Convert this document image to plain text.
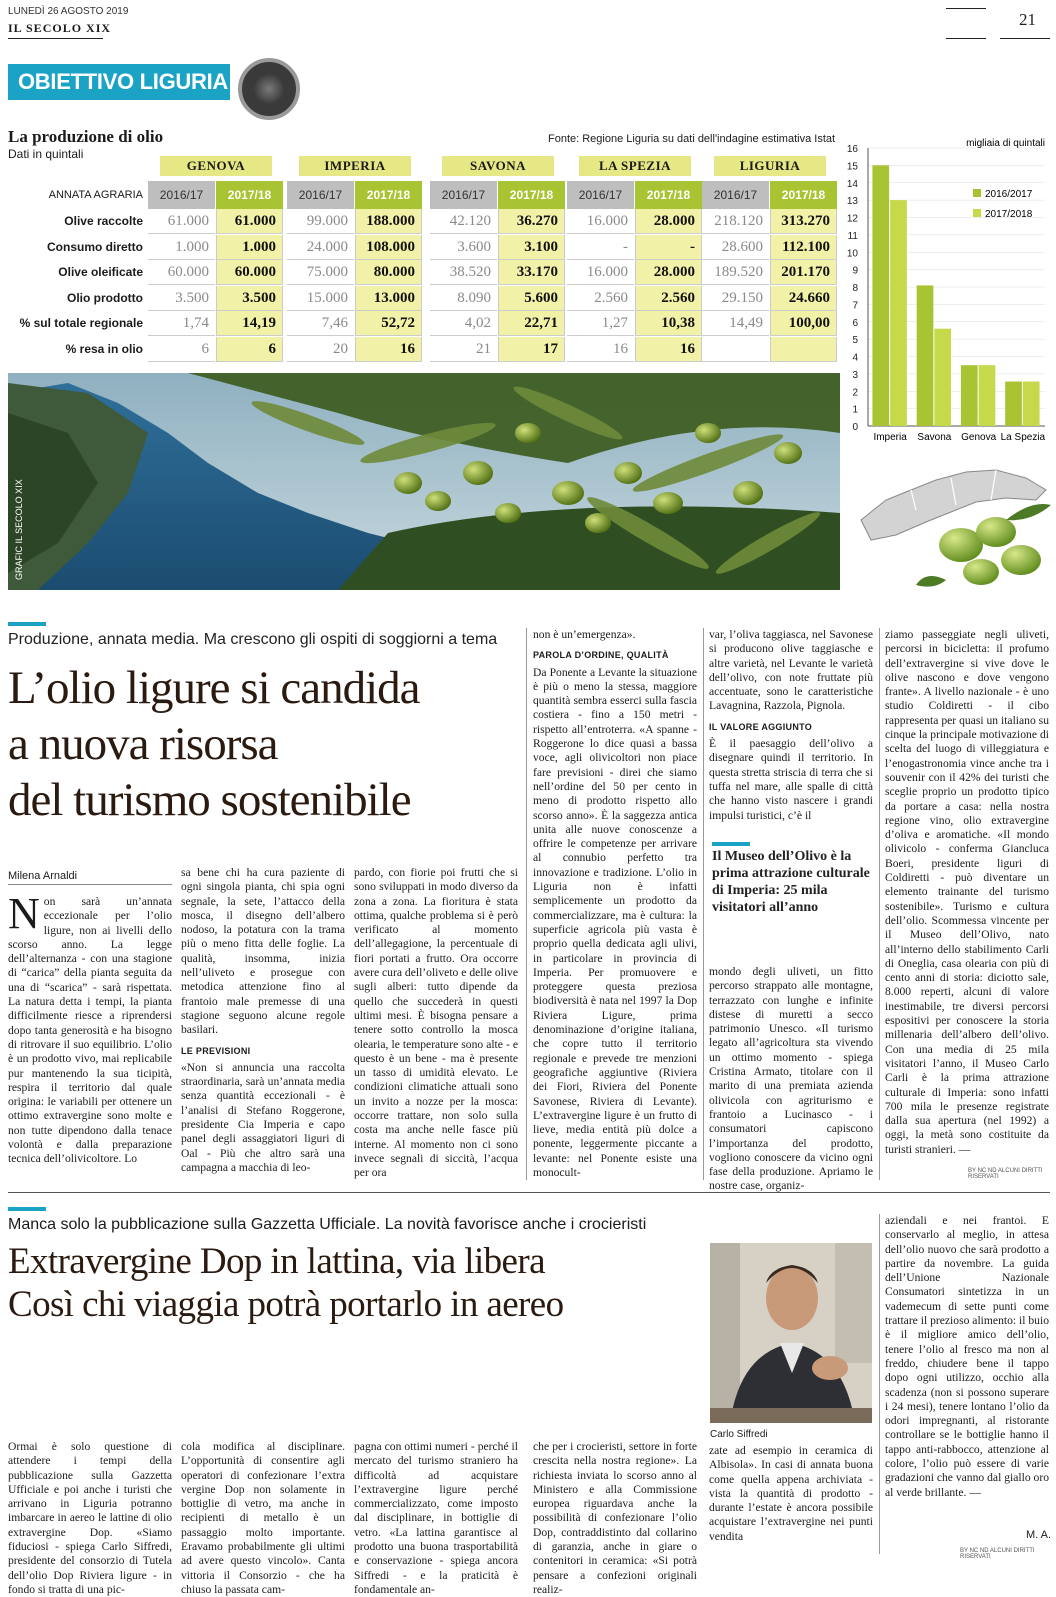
LUNEDÌ 26 AGOSTO 2019
IL SECOLO XIX	21
OBIETTIVO LIGURIA
La produzione di olio
Dati in quintali
Fonte: Regione Liguria su dati dell'indagine estimativa Istat
ANNATA AGRARIA
GENOVA
2016/17	2017/18
IMPERIA
2016/17	2017/18
SAVONA
2016/17	2017/18
LA SPEZIA
2016/17	2017/18
LIGURIA
2016/17	2017/18
Olive raccolte	61.000	61.000	99.000	188.000	42.120	36.270	16.000	28.000	218.120	313.270
Consumo diretto	1.000	1.000	24.000	108.000	3.600	3.100	-	-	28.600	112.100
Olive oleificate	60.000	60.000	75.000	80.000	38.520	33.170	16.000	28.000	189.520	201.170
Olio prodotto	3.500	3.500	15.000	13.000	8.090	5.600	2.560	2.560	29.150	24.660
% sul totale regionale	1,74	14,19	7,46	52,72	4,02	22,71	1,27	10,38	14,49	100,00
% resa in olio	6	6	20	16	21	17	16	16
0
1
2
3
4
5
6
7
8
9
10
11
12
13
14
15
16
migliaia di quintali
Imperia Savona Genova La Spezia
2016/2017
2017/2018
GRAFIC IL SECOLO XIX
Produzione, annata media. Ma crescono gli ospiti di soggiorni a tema
L’olio ligure si candida
a nuova risorsa
del turismo sostenibile
Milena Arnaldi
Non sarà un’annata eccezionale per l’olio ligure, non ai livelli dello scorso anno. La legge dell’alternanza - con una stagione di “carica” della pianta seguita da una di “scarica” - sarà rispettata. La natura detta i tempi, la pianta difficilmente riesce a riprendersi dopo tanta generosità e ha bisogno di ritrovare il suo equilibrio. L’olio è un prodotto vivo, mai replicabile pur mantenendo la sua ticipità, respira il territorio dal quale origina: le variabili per ottenere un ottimo extravergine sono molte e non tutte dipendono dalla tenace volontà e dalla preparazione tecnica dell’olivicoltore. Lo
sa bene chi ha cura paziente di ogni singola pianta, chi spia ogni segnale, la sete, l’attacco della mosca, il disegno dell’albero nodoso, la potatura con la trama più o meno fitta delle foglie. La qualità, insomma, inizia nell’uliveto e prosegue con metodica attenzione fino al frantoio male premesse di una stagione seguono alcune regole basilari.
LE PREVISIONI
«Non si annuncia una raccolta straordinaria, sarà un’annata media senza quantità eccezionali - è l’analisi di Stefano Roggerone, presidente Cia Imperia e capo panel degli assaggiatori liguri di Oal - Più che altro sarà una campagna a macchia di leo-
pardo, con fiorie poi frutti che si sono sviluppati in modo diverso da zona a zona. La fioritura è stata ottima, qualche problema si è però verificato al momento dell’allegagione, la percentuale di fiori portati a frutto. Ora occorre avere cura dell’oliveto e delle olive sugli alberi: tutto dipende da quello che succederà in questi ultimi mesi. È bisogna pensare a tenere sotto controllo la mosca olearia, le temperature sono alte - e questo è un bene - ma è presente un tasso di umidità elevato. Le condizioni climatiche attuali sono un invito a nozze per la mosca: occorre trattare, non solo sulla costa ma anche nelle fasce più interne. Al momento non ci sono invece segnali di siccità, l’acqua per ora
non è un’emergenza».
PAROLA D’ORDINE, QUALITÀ
Da Ponente a Levante la situazione è più o meno la stessa, maggiore quantità sembra esserci sulla fascia costiera - fino a 150 metri - rispetto all’entroterra. «A spanne - Roggerone lo dice quasi a bassa voce, agli olivicoltori non piace fare previsioni - direi che siamo nell’ordine del 50 per cento in meno di prodotto rispetto allo scorso anno». È la saggezza antica unita alle nuove conoscenze a offrire le competenze per arrivare al connubio perfetto tra innovazione e tradizione. L’olio in Liguria non è infatti semplicemente un prodotto da commercializzare, ma è cultura: la superficie agricola più vasta è proprio quella dedicata agli ulivi, in particolare in provincia di Imperia. Per promuovere e proteggere questa preziosa biodiversità è nata nel 1997 la Dop Riviera Ligure, prima denominazione d’origine italiana, che copre tutto il territorio regionale e prevede tre menzioni geografiche aggiuntive (Riviera dei Fiori, Riviera del Ponente Savonese, Riviera di Levante). L’extravergine ligure è un frutto di lieve, media entità più dolce a ponente, leggermente piccante a levante: nel Ponente esiste una monocult-
var, l’oliva taggiasca, nel Savonese si producono olive taggiasche e altre varietà, nel Levante le varietà dell’olivo, con note fruttate più accentuate, sono le caratteristiche Lavagnina, Razzola, Pignola.
IL VALORE AGGIUNTO
È il paesaggio dell’olivo a disegnare quindi il territorio. In questa stretta striscia di terra che si tuffa nel mare, alle spalle di città che hanno visto nascere i grandi impulsi turistici, c’è il
Il Museo dell’Olivo è la prima attrazione culturale di Imperia: 25 mila visitatori all’anno
mondo degli uliveti, un fitto percorso strappato alle montagne, terrazzato con lunghe e infinite distese di muretti a secco patrimonio Unesco. «Il turismo legato all’agricoltura sta vivendo un ottimo momento - spiega Cristina Armato, titolare con il marito di una premiata azienda olivicola con agriturismo e frantoio a Lucinasco - i consumatori capiscono l’importanza del prodotto, vogliono conoscere da vicino ogni fase della produzione. Apriamo le nostre case, organiz-
ziamo passeggiate negli uliveti, percorsi in bicicletta: il profumo dell’extravergine si vive dove le olive nascono e dove vengono frante». A livello nazionale - è uno studio Coldiretti - il cibo rappresenta per quasi un italiano su cinque la principale motivazione di scelta del luogo di villeggiatura e l’enogastronomia vince anche tra i souvenir con il 42% dei turisti che sceglie proprio un prodotto tipico da portare a casa: nella nostra regione vino, olio extravergine d’oliva e aromatiche. «Il mondo olivicolo - conferma Giancluca Boeri, presidente liguri di Coldiretti - può diventare un elemento trainante del turismo sostenibile». Turismo e cultura dell’olio. Scommessa vincente per il Museo dell’Olivo, nato all’interno dello stabilimento Carli di Oneglia, casa olearia con più di cento anni di storia: diciotto sale, 8.000 reperti, alcuni di valore inestimabile, tre diversi percorsi espositivi per conoscere la storia millenaria dell’albero dell’olivo. Con una media di 25 mila visitatori l’anno, il Museo Carlo Carli è la prima attrazione culturale di Imperia: sono infatti 700 mila le presenze registrate dalla sua apertura (nel 1992) a oggi, la metà sono costituite da turisti stranieri. —
BY NC ND ALCUNI DIRITTI RISERVATI
Manca solo la pubblicazione sulla Gazzetta Ufficiale. La novità favorisce anche i crocieristi
Extravergine Dop in lattina, via libera
Così chi viaggia potrà portarlo in aereo
Carlo Siffredi
Ormai è solo questione di attendere i tempi della pubblicazione sulla Gazzetta Ufficiale e poi anche i turisti che arrivano in Liguria potranno imbarcare in aereo le lattine di olio extravergine Dop. «Siamo fiduciosi - spiega Carlo Siffredi, presidente del consorzio di Tutela dell’olio Dop Riviera ligure - in fondo si tratta di una pic-
cola modifica al disciplinare. L’opportunità di consentire agli operatori di confezionare l’extra vergine Dop non solamente in bottiglie di vetro, ma anche in recipienti di metallo è un passaggio molto importante. Eravamo probabilmente gli ultimi ad avere questo vincolo». Canta vittoria il Consorzio - che ha chiuso la passata cam-
pagna con ottimi numeri - perché il mercato del turismo straniero ha difficoltà ad acquistare l’extravergine ligure perché commercializzato, come imposto dal disciplinare, in bottiglie di vetro. «La lattina garantisce al prodotto una buona trasportabilità e conservazione - spiega ancora Siffredi - e la praticità è fondamentale an-
che per i crocieristi, settore in forte crescita nella nostra regione». La richiesta inviata lo scorso anno al Ministero e alla Commissione europea riguardava anche la possibilità di confezionare l’olio Dop, contraddistinto dal collarino di garanzia, anche in giare o contenitori in ceramica: «Si potrà pensare a confezioni originali realiz-
zate ad esempio in ceramica di Albisola». In casi di annata buona come quella appena archiviata - vista la quantità di prodotto - durante l’estate è ancora possibile acquistare l’extravergine nei punti vendita
aziendali e nei frantoi. E conservarlo al meglio, in attesa dell’olio nuovo che sarà prodotto a partire da novembre. La guida dell’Unione Nazionale Consumatori sintetizza in un vademecum di sette punti come trattare il prezioso alimento: il buio è il migliore amico dell’olio, tenere l’olio al fresco ma non al freddo, chiudere bene il tappo dopo ogni utilizzo, occhio alla scadenza (non si possono superare i 24 mesi), tenere lontano l’olio da odori impregnanti, al ristorante controllare se le bottiglie hanno il tappo anti-rabbocco, attenzione al colore, l’olio può essere di varie gradazioni che vanno dal giallo oro al verde brillante. —
M. A.
BY NC ND ALCUNI DIRITTI RISERVATI
